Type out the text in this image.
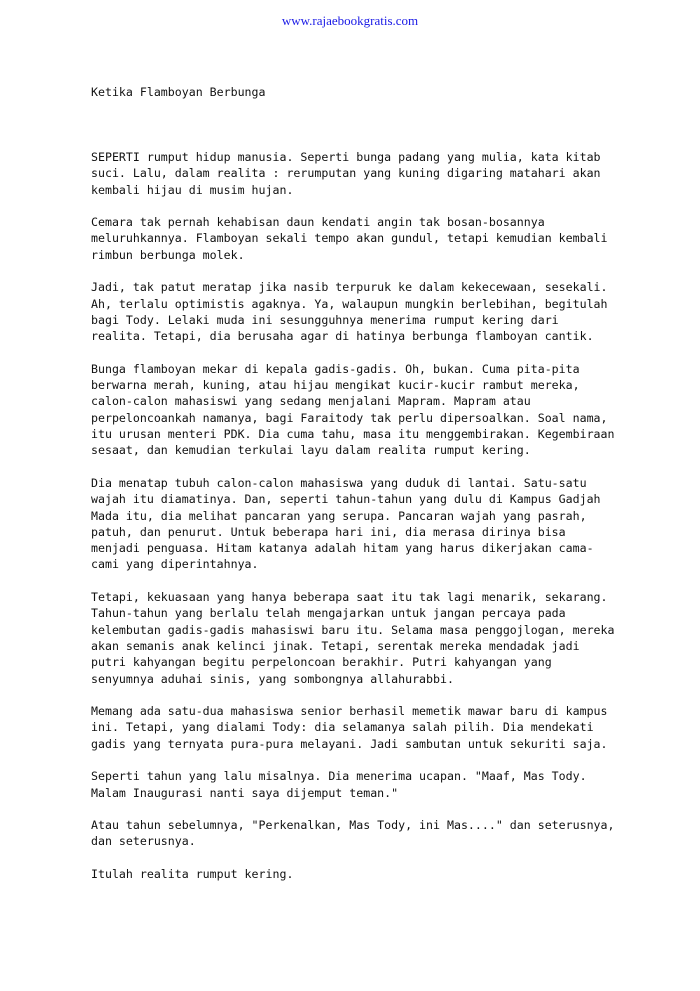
www.rajaebookgratis.com
Ketika Flamboyan Berbunga
SEPERTI rumput hidup manusia. Seperti bunga padang yang mulia, kata kitab
suci. Lalu, dalam realita : rerumputan yang kuning digaring matahari akan
kembali hijau di musim hujan.
Cemara tak pernah kehabisan daun kendati angin tak bosan-bosannya
meluruhkannya. Flamboyan sekali tempo akan gundul, tetapi kemudian kembali
rimbun berbunga molek.
Jadi, tak patut meratap jika nasib terpuruk ke dalam kekecewaan, sesekali.
Ah, terlalu optimistis agaknya. Ya, walaupun mungkin berlebihan, begitulah
bagi Tody. Lelaki muda ini sesungguhnya menerima rumput kering dari
realita. Tetapi, dia berusaha agar di hatinya berbunga flamboyan cantik.
Bunga flamboyan mekar di kepala gadis-gadis. Oh, bukan. Cuma pita-pita
berwarna merah, kuning, atau hijau mengikat kucir-kucir rambut mereka,
calon-calon mahasiswi yang sedang menjalani Mapram. Mapram atau
perpeloncoankah namanya, bagi Faraitody tak perlu dipersoalkan. Soal nama,
itu urusan menteri PDK. Dia cuma tahu, masa itu menggembirakan. Kegembiraan
sesaat, dan kemudian terkulai layu dalam realita rumput kering.
Dia menatap tubuh calon-calon mahasiswa yang duduk di lantai. Satu-satu
wajah itu diamatinya. Dan, seperti tahun-tahun yang dulu di Kampus Gadjah
Mada itu, dia melihat pancaran yang serupa. Pancaran wajah yang pasrah,
patuh, dan penurut. Untuk beberapa hari ini, dia merasa dirinya bisa
menjadi penguasa. Hitam katanya adalah hitam yang harus dikerjakan cama-
cami yang diperintahnya.
Tetapi, kekuasaan yang hanya beberapa saat itu tak lagi menarik, sekarang.
Tahun-tahun yang berlalu telah mengajarkan untuk jangan percaya pada
kelembutan gadis-gadis mahasiswi baru itu. Selama masa penggojlogan, mereka
akan semanis anak kelinci jinak. Tetapi, serentak mereka mendadak jadi
putri kahyangan begitu perpeloncoan berakhir. Putri kahyangan yang
senyumnya aduhai sinis, yang sombongnya allahurabbi.
Memang ada satu-dua mahasiswa senior berhasil memetik mawar baru di kampus
ini. Tetapi, yang dialami Tody: dia selamanya salah pilih. Dia mendekati
gadis yang ternyata pura-pura melayani. Jadi sambutan untuk sekuriti saja.
Seperti tahun yang lalu misalnya. Dia menerima ucapan. "Maaf, Mas Tody.
Malam Inaugurasi nanti saya dijemput teman."
Atau tahun sebelumnya, "Perkenalkan, Mas Tody, ini Mas...." dan seterusnya,
dan seterusnya.
Itulah realita rumput kering.
